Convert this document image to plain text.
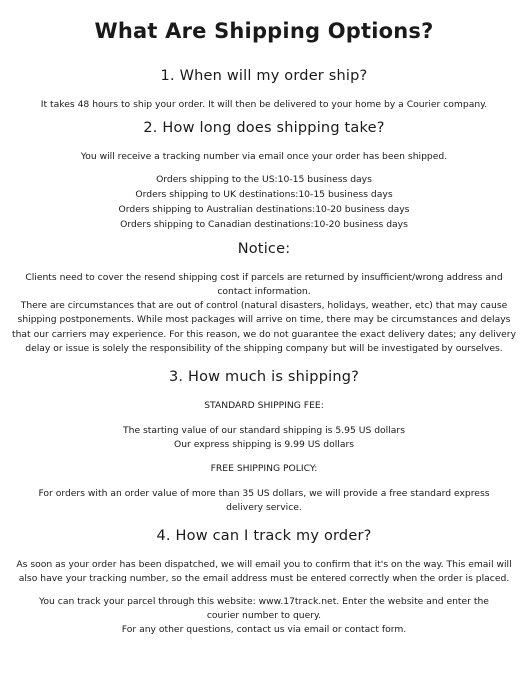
What Are Shipping Options?
1. When will my order ship?

It takes 48 hours to ship your order. It will then be delivered to your home by a Courier company.

2. How long does shipping take?

You will receive a tracking number via email once your order has been shipped.

Orders shipping to the US:10-15 business days

Orders shipping to UK destinations:10-15 business days

Orders shipping to Australian destinations:10-20 business days

Orders shipping to Canadian destinations:10-20 business days

Notice:

Clients need to cover the resend shipping cost if parcels are returned by insufficient/wrong address and contact information.

There are circumstances that are out of control (natural disasters, holidays, weather, etc) that may cause shipping postponements. While most packages will arrive on time, there may be circumstances and delays that our carriers may experience. For this reason, we do not guarantee the exact delivery dates; any delivery delay or issue is solely the responsibility of the shipping company but will be investigated by ourselves.

3. How much is shipping?

STANDARD SHIPPING FEE:

The starting value of our standard shipping is 5.95 US dollars

Our express shipping is 9.99 US dollars

FREE SHIPPING POLICY:

For orders with an order value of more than 35 US dollars, we will provide a free standard express delivery service.

4. How can I track my order?

As soon as your order has been dispatched, we will email you to confirm that it's on the way. This email will also have your tracking number, so the email address must be entered correctly when the order is placed.

You can track your parcel through this website: www.17track.net. Enter the website and enter the courier number to query.

For any other questions, contact us via email or contact form.
